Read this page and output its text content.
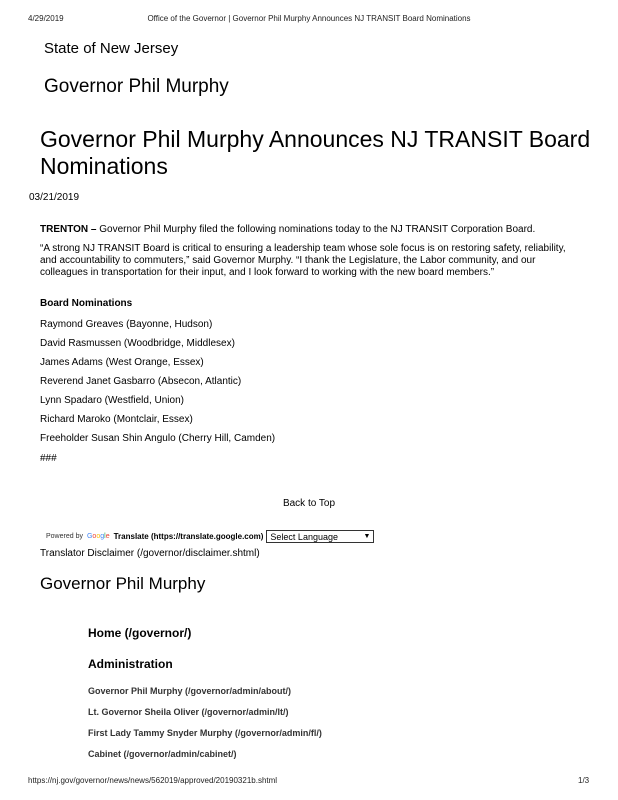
4/29/2019	Office of the Governor | Governor Phil Murphy Announces NJ TRANSIT Board Nominations
State of New Jersey
Governor Phil Murphy
Governor Phil Murphy Announces NJ TRANSIT Board Nominations
03/21/2019
TRENTON – Governor Phil Murphy filed the following nominations today to the NJ TRANSIT Corporation Board.
“A strong NJ TRANSIT Board is critical to ensuring a leadership team whose sole focus is on restoring safety, reliability, and accountability to commuters,” said Governor Murphy. “I thank the Legislature, the Labor community, and our colleagues in transportation for their input, and I look forward to working with the new board members.”
Board Nominations
Raymond Greaves (Bayonne, Hudson)
David Rasmussen (Woodbridge, Middlesex)
James Adams (West Orange, Essex)
Reverend Janet Gasbarro (Absecon, Atlantic)
Lynn Spadaro (Westfield, Union)
Richard Maroko (Montclair, Essex)
Freeholder Susan Shin Angulo (Cherry Hill, Camden)
###
Back to Top
Powered by Google Translate (https://translate.google.com) Select Language	▼
Translator Disclaimer (/governor/disclaimer.shtml)
Governor Phil Murphy
Home (/governor/)
Administration
Governor Phil Murphy (/governor/admin/about/)
Lt. Governor Sheila Oliver (/governor/admin/lt/)
First Lady Tammy Snyder Murphy (/governor/admin/fl/)
Cabinet (/governor/admin/cabinet/)
https://nj.gov/governor/news/news/562019/approved/20190321b.shtml	1/3
